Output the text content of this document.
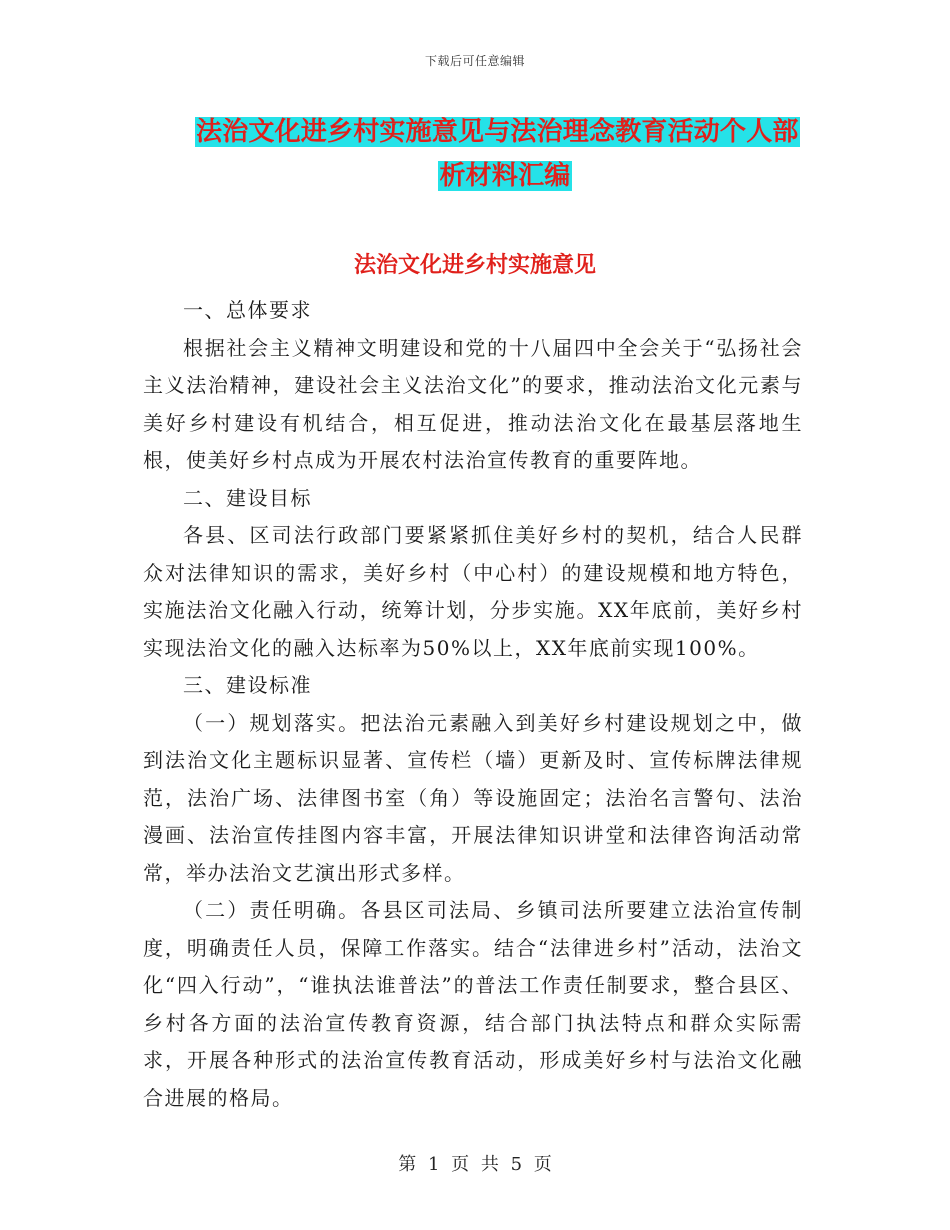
下载后可任意编辑
法治文化进乡村实施意见与法治理念教育活动个人部
析材料汇编
法治文化进乡村实施意见

一、总体要求

根据社会主义精神文明建设和党的十八届四中全会关于“弘扬社会主义法治精神，建设社会主义法治文化”的要求，推动法治文化元素与美好乡村建设有机结合，相互促进，推动法治文化在最基层落地生根，使美好乡村点成为开展农村法治宣传教育的重要阵地。

二、建设目标

各县、区司法行政部门要紧紧抓住美好乡村的契机，结合人民群众对法律知识的需求，美好乡村（中心村）的建设规模和地方特色，实施法治文化融入行动，统筹计划，分步实施。XX年底前，美好乡村实现法治文化的融入达标率为50%以上，XX年底前实现100%。

三、建设标准

（一）规划落实。把法治元素融入到美好乡村建设规划之中，做到法治文化主题标识显著、宣传栏（墙）更新及时、宣传标牌法律规范，法治广场、法律图书室（角）等设施固定；法治名言警句、法治漫画、法治宣传挂图内容丰富，开展法律知识讲堂和法律咨询活动常常，举办法治文艺演出形式多样。

（二）责任明确。各县区司法局、乡镇司法所要建立法治宣传制度，明确责任人员，保障工作落实。结合“法律进乡村”活动，法治文化“四入行动”，“谁执法谁普法”的普法工作责任制要求，整合县区、乡村各方面的法治宣传教育资源，结合部门执法特点和群众实际需求，开展各种形式的法治宣传教育活动，形成美好乡村与法治文化融合进展的格局。

第 1 页 共 5 页
